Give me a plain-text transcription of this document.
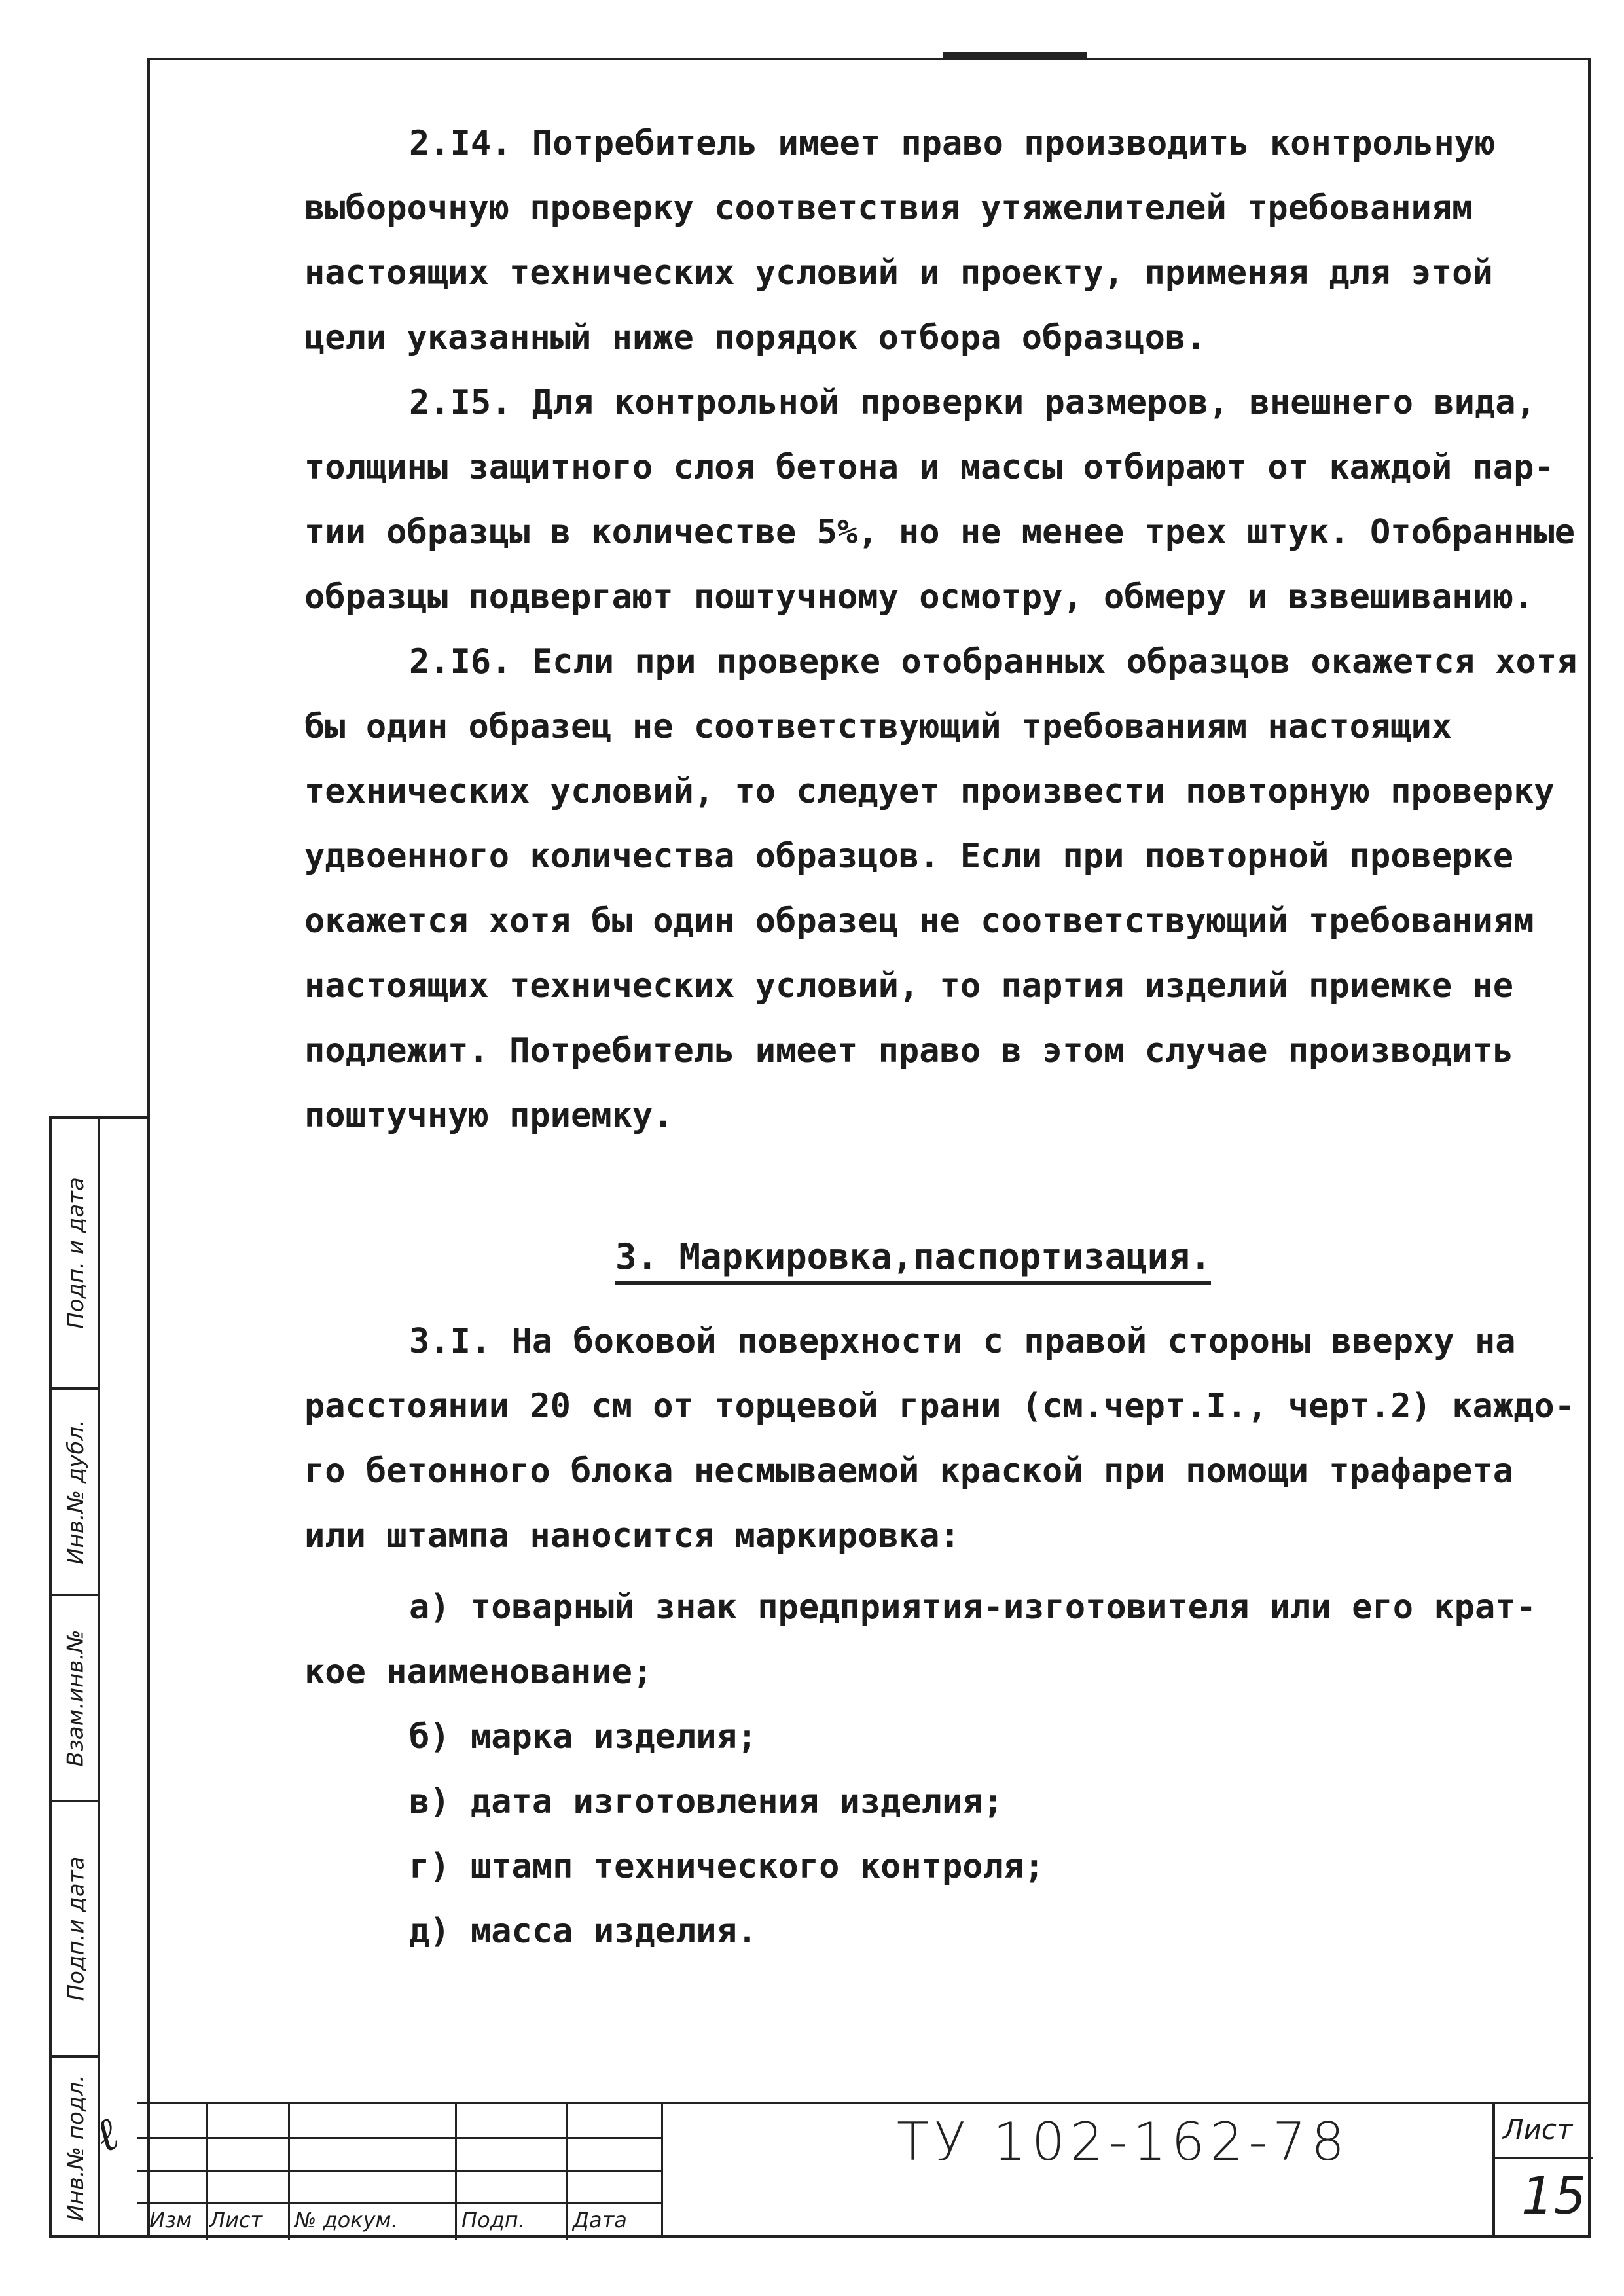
2.I4. Потребитель имеет право производить контрольную
выборочную проверку соответствия утяжелителей требованиям
настоящих технических условий и проекту, применяя для этой
цели указанный ниже порядок отбора образцов.
2.I5. Для контрольной проверки размеров, внешнего вида,
толщины защитного слоя бетона и массы отбирают от каждой пар-
тии образцы в количестве 5%, но не менее трех штук. Отобранные
образцы подвергают поштучному осмотру, обмеру и взвешиванию.
2.I6. Если при проверке отобранных образцов окажется хотя
бы один образец не соответствующий требованиям настоящих
технических условий, то следует произвести повторную проверку
удвоенного количества образцов. Если при повторной проверке
окажется хотя бы один образец не соответствующий требованиям
настоящих технических условий, то партия изделий приемке не
подлежит. Потребитель имеет право в этом случае производить
поштучную приемку.
3. Маркировка,паспортизация.
3.I. На боковой поверхности с правой стороны вверху на
расстоянии 20 см от торцевой грани (см.черт.I., черт.2) каждо-
го бетонного блока несмываемой краской при помощи трафарета
или штампа наносится маркировка:
а) товарный знак предприятия-изготовителя или его крат-
кое наименование;
б) марка изделия;
в) дата изготовления изделия;
г) штамп технического контроля;
д) масса изделия.
Подп. и дата
Инв.№ дубл.
Взам.инв.№
Подп.и дата
Инв.№ подл.
ℓ
Изм Лист № докум.	Подп. Дата
ТУ 102-162-78	Лист
15
